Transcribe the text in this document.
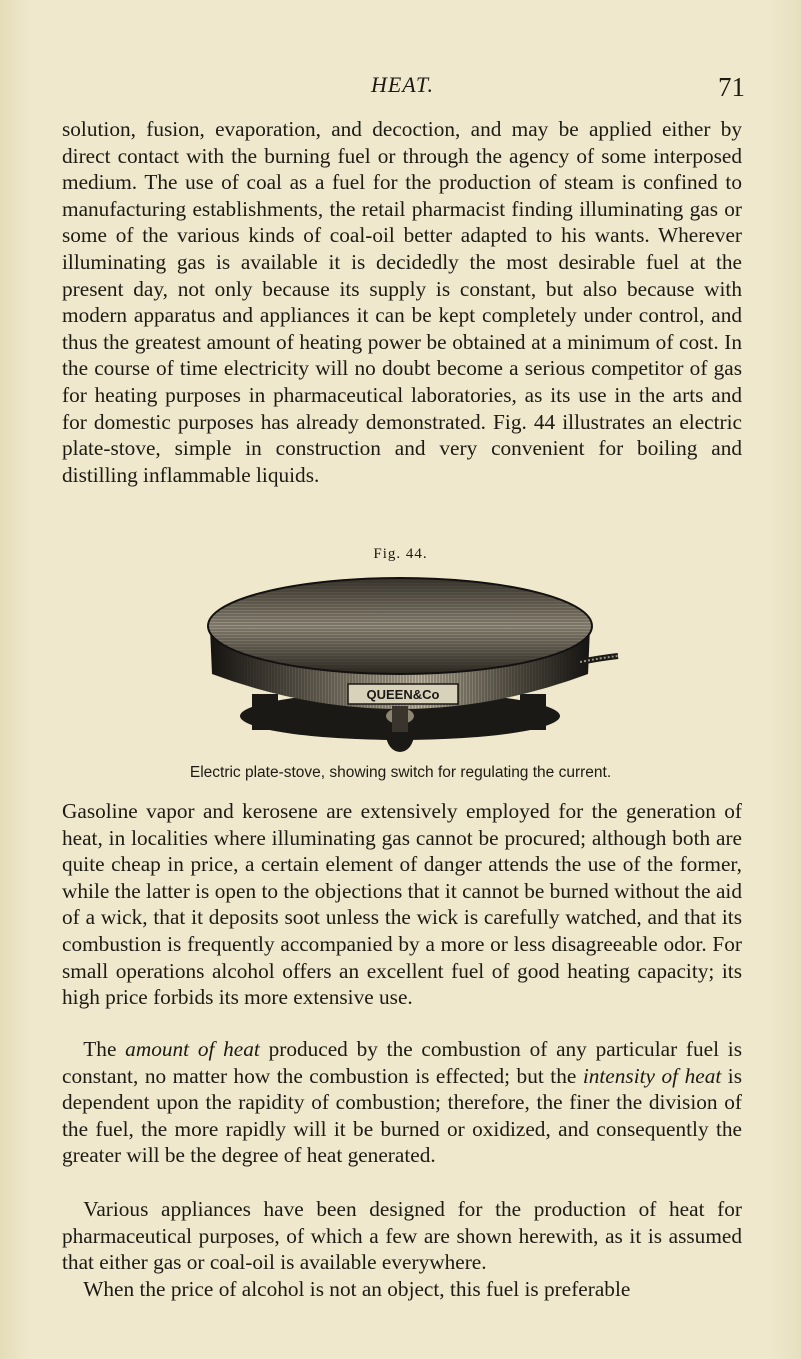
HEAT.	71

solution, fusion, evaporation, and decoction, and may be applied either by direct contact with the burning fuel or through the agency of some interposed medium. The use of coal as a fuel for the production of steam is confined to manufacturing establishments, the retail pharmacist finding illuminating gas or some of the various kinds of coal-oil better adapted to his wants. Wherever illuminating gas is available it is decidedly the most desirable fuel at the present day, not only because its supply is constant, but also because with modern apparatus and appliances it can be kept completely under control, and thus the greatest amount of heating power be obtained at a minimum of cost. In the course of time electricity will no doubt become a serious competitor of gas for heating purposes in pharmaceutical laboratories, as its use in the arts and for domestic purposes has already demonstrated. Fig. 44 illustrates an electric plate-stove, simple in construction and very convenient for boiling and distilling inflammable liquids.

Fig. 44.
QUEEN&Co
Electric plate-stove, showing switch for regulating the current.

Gasoline vapor and kerosene are extensively employed for the generation of heat, in localities where illuminating gas cannot be procured; although both are quite cheap in price, a certain element of danger attends the use of the former, while the latter is open to the objections that it cannot be burned without the aid of a wick, that it deposits soot unless the wick is carefully watched, and that its combustion is frequently accompanied by a more or less disagreeable odor. For small operations alcohol offers an excellent fuel of good heating capacity; its high price forbids its more extensive use.

 The amount of heat produced by the combustion of any particular fuel is constant, no matter how the combustion is effected; but the intensity of heat is dependent upon the rapidity of combustion; therefore, the finer the division of the fuel, the more rapidly will it be burned or oxidized, and consequently the greater will be the degree of heat generated.

 Various appliances have been designed for the production of heat for pharmaceutical purposes, of which a few are shown herewith, as it is assumed that either gas or coal-oil is available everywhere.

 When the price of alcohol is not an object, this fuel is preferable
